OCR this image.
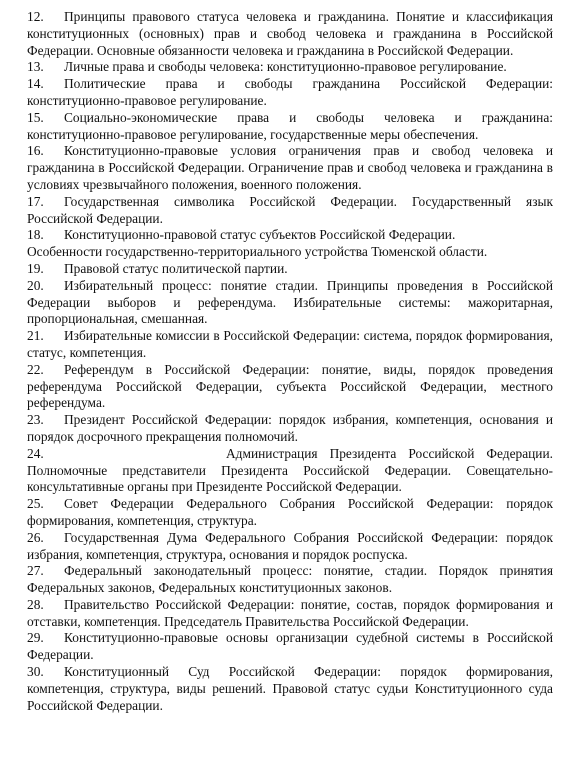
12. Принципы правового статуса человека и гражданина. Понятие и классификация конституционных (основных) прав и свобод человека и гражданина в Российской Федерации. Основные обязанности человека и гражданина в Российской Федерации.

13. Личные права и свободы человека: конституционно-правовое регулирование.

14. Политические права и свободы гражданина Российской Федерации: конституционно-правовое регулирование.

15. Социально-экономические права и свободы человека и гражданина: конституционно-правовое регулирование, государственные меры обеспечения.

16. Конституционно-правовые условия ограничения прав и свобод человека и гражданина в Российской Федерации. Ограничение прав и свобод человека и гражданина в условиях чрезвычайного положения, военного положения.

17. Государственная символика Российской Федерации. Государственный язык Российской Федерации.

18. Конституционно-правовой статус субъектов Российской Федерации.

Особенности государственно-территориального устройства Тюменской области.

19. Правовой статус политической партии.

20. Избирательный процесс: понятие стадии. Принципы проведения в Российской Федерации выборов и референдума. Избирательные системы: мажоритарная, пропорциональная, смешанная.

21. Избирательные комиссии в Российской Федерации: система, порядок формирования, статус, компетенция.

22. Референдум в Российской Федерации: понятие, виды, порядок проведения референдума Российской Федерации, субъекта Российской Федерации, местного референдума.

23. Президент Российской Федерации: порядок избрания, компетенция, основания и порядок досрочного прекращения полномочий.

24.	Администрация Президента Российской Федерации. Полномочные представители Президента Российской Федерации. Совещательно-консультативные органы при Президенте Российской Федерации.

25. Совет Федерации Федерального Собрания Российской Федерации: порядок формирования, компетенция, структура.

26. Государственная Дума Федерального Собрания Российской Федерации: порядок избрания, компетенция, структура, основания и порядок роспуска.

27. Федеральный законодательный процесс: понятие, стадии. Порядок принятия Федеральных законов, Федеральных конституционных законов.

28. Правительство Российской Федерации: понятие, состав, порядок формирования и отставки, компетенция. Председатель Правительства Российской Федерации.

29. Конституционно-правовые основы организации судебной системы в Российской Федерации.

30. Конституционный Суд Российской Федерации: порядок формирования, компетенция, структура, виды решений. Правовой статус судьи Конституционного суда Российской Федерации.
